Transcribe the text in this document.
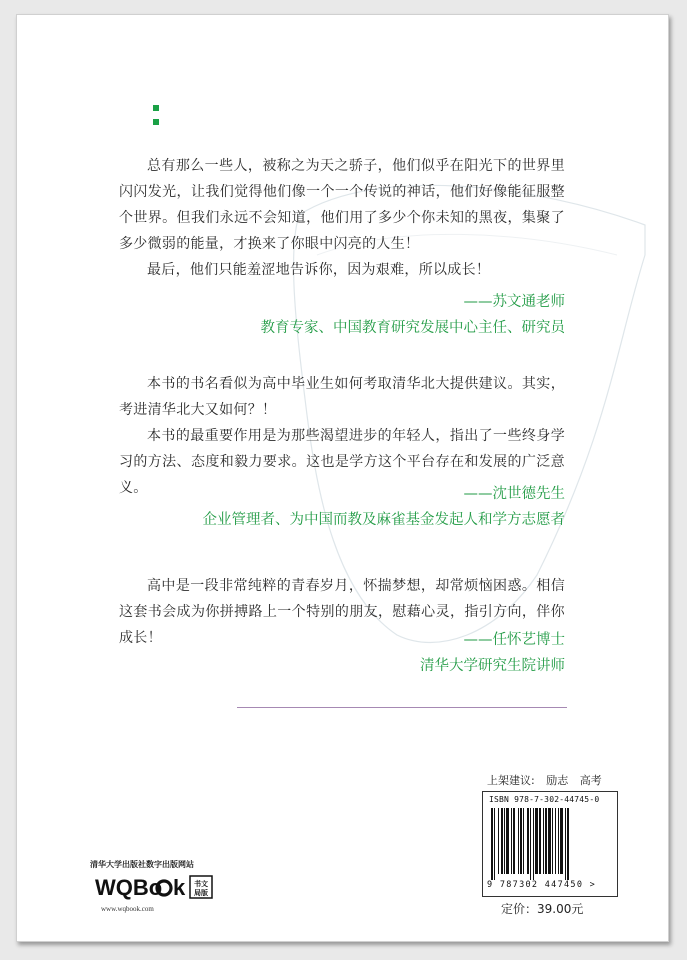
总有那么一些人，被称之为天之骄子，他们似乎在阳光下的世界里闪闪发光，让我们觉得他们像一个一个传说的神话，他们好像能征服整个世界。但我们永远不会知道，他们用了多少个你未知的黑夜，集聚了多少微弱的能量，才换来了你眼中闪亮的人生！

最后，他们只能羞涩地告诉你，因为艰难，所以成长！

——苏文通老师
教育专家、中国教育研究发展中心主任、研究员

本书的书名看似为高中毕业生如何考取清华北大提供建议。其实，考进清华北大又如何？！

本书的最重要作用是为那些渴望进步的年轻人，指出了一些终身学习的方法、态度和毅力要求。这也是学方这个平台存在和发展的广泛意义。	——沈世德先生
企业管理者、为中国而教及麻雀基金发起人和学方志愿者

高中是一段非常纯粹的青春岁月，怀揣梦想，却常烦恼困惑。相信这套书会成为你拼搏路上一个特别的朋友，慰藉心灵，指引方向，伴你成长！	——任怀艺博士
清华大学研究生院讲师
上架建议: 励志 高考
ISBN 978-7-302-44745-0
9 787302 447450 >
定价：39.00元
清华大学出版社数字出版网站
WQBo k 书文
局版
www.wqbook.com
